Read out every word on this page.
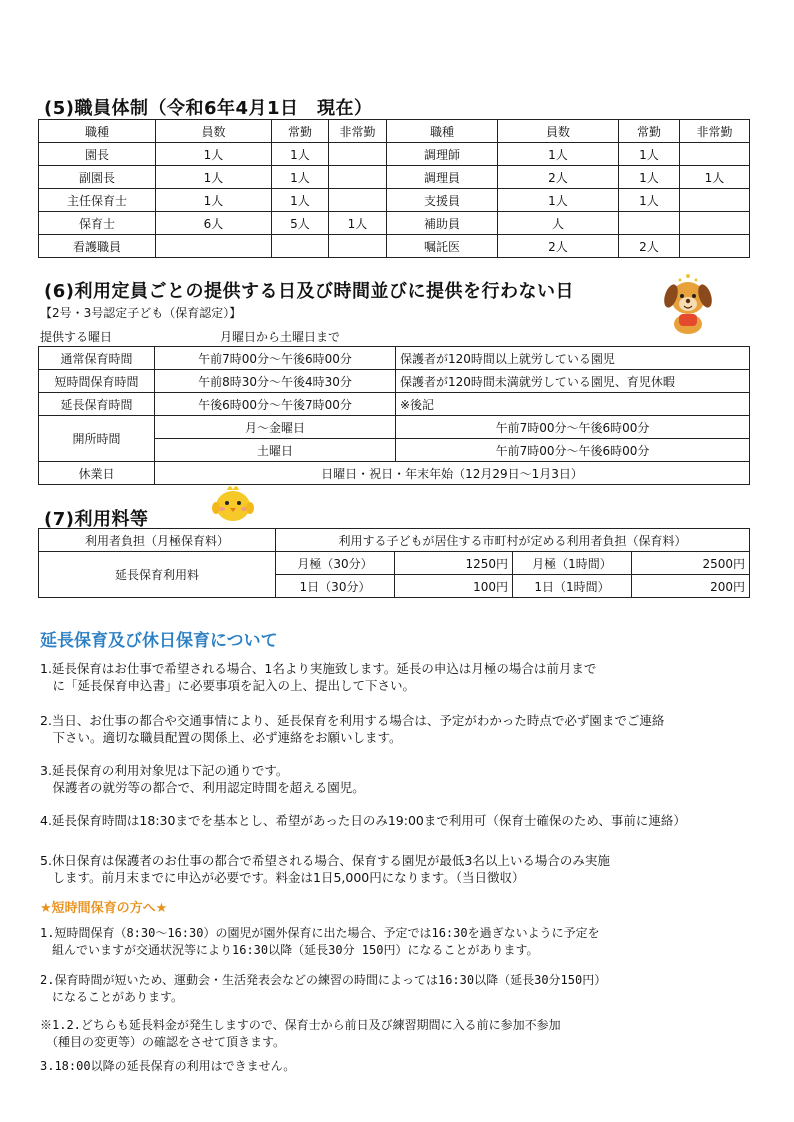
(5)職員体制（令和6年4月1日　現在）
職種	員数	常勤	非常勤	職種	員数	常勤	非常勤
園長	1人	1人		調理師	1人	1人	
副園長	1人	1人		調理員	2人	1人	1人
主任保育士	1人	1人		支援員	1人	1人	
保育士	6人	5人	1人	補助員	人		
看護職員				嘱託医	2人	2人	
(6)利用定員ごとの提供する日及び時間並びに提供を行わない日
【2号・3号認定子ども（保育認定）】
提供する曜日	月曜日から土曜日まで
通常保育時間	午前7時00分～午後6時00分	保護者が120時間以上就労している園児
短時間保育時間	午前8時30分～午後4時30分	保護者が120時間未満就労している園児、育児休暇
延長保育時間	午後6時00分～午後7時00分	※後記
開所時間	月～金曜日	午前7時00分～午後6時00分
	土曜日	午前7時00分～午後6時00分
休業日	日曜日・祝日・年末年始（12月29日～1月3日）	
(7)利用料等
利用者負担（月極保育料）	利用する子どもが居住する市町村が定める利用者負担（保育料）			
延長保育利用料	月極（30分）	1250円	月極（1時間）	2500円
	1日（30分）	100円	1日（1時間）	200円
延長保育及び休日保育について
1.延長保育はお仕事で希望される場合、1名より実施致します。延長の申込は月極の場合は前月まで
　に「延長保育申込書」に必要事項を記入の上、提出して下さい。
2.当日、お仕事の都合や交通事情により、延長保育を利用する場合は、予定がわかった時点で必ず園までご連絡
　下さい。適切な職員配置の関係上、必ず連絡をお願いします。
3.延長保育の利用対象児は下記の通りです。
　保護者の就労等の都合で、利用認定時間を超える園児。
4.延長保育時間は18:30までを基本とし、希望があった日のみ19:00まで利用可（保育士確保のため、事前に連絡）
5.休日保育は保護者のお仕事の都合で希望される場合、保育する園児が最低3名以上いる場合のみ実施
　します。前月末までに申込が必要です。料金は1日5,000円になります。（当日徴収）
★短時間保育の方へ★
1.短時間保育（8:30～16:30）の園児が園外保育に出た場合、予定では16:30を過ぎないように予定を
　組んでいますが交通状況等により16:30以降（延長30分 150円）になることがあります。
2.保育時間が短いため、運動会・生活発表会などの練習の時間によっては16:30以降（延長30分150円）
　になることがあります。
※1.2.どちらも延長料金が発生しますので、保育士から前日及び練習期間に入る前に参加不参加
　（種目の変更等）の確認をさせて頂きます。
3.18:00以降の延長保育の利用はできません。
